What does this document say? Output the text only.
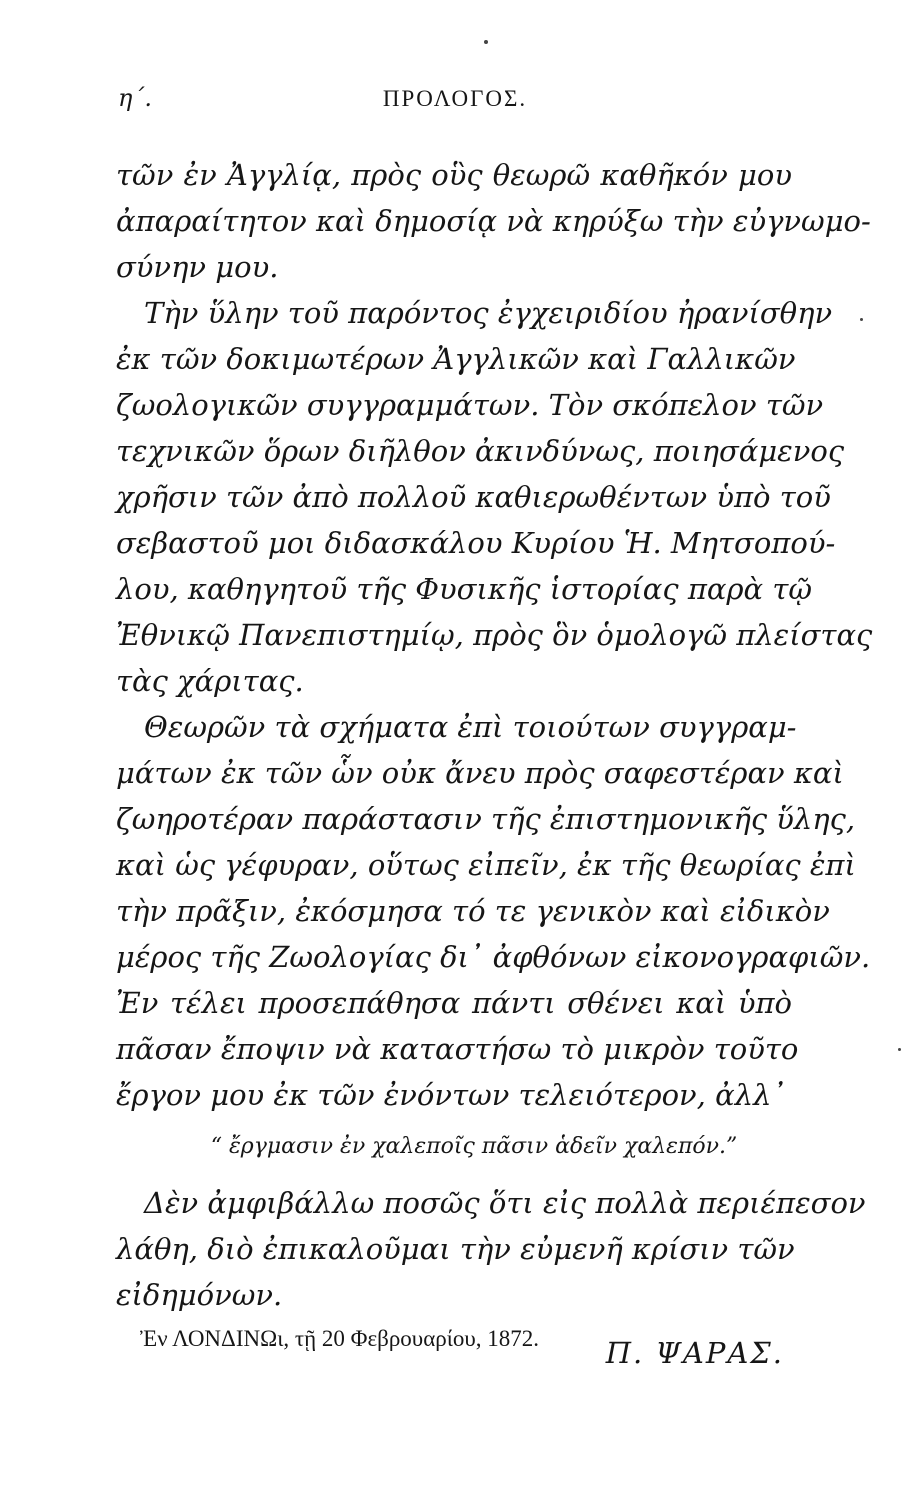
η΄.	ΠΡΟΛΟΓΟΣ.
τῶν ἐν Ἀγγλίᾳ, πρὸς οὓς θεωρῶ καθῆκόν μου
ἀπαραίτητον καὶ δημοσίᾳ νὰ κηρύξω τὴν εὐγνωμο-
σύνην μου.
Τὴν ὕλην τοῦ παρόντος ἐγχειριδίου ἠρανίσθην
ἐκ τῶν δοκιμωτέρων Ἀγγλικῶν καὶ Γαλλικῶν
ζωολογικῶν συγγραμμάτων. Τὸν σκόπελον τῶν
τεχνικῶν ὅρων διῆλθον ἀκινδύνως, ποιησάμενος
χρῆσιν τῶν ἀπὸ πολλοῦ καθιερωθέντων ὑπὸ τοῦ
σεβαστοῦ μοι διδασκάλου Κυρίου Ἡ. Μητσοπού-
λου, καθηγητοῦ τῆς Φυσικῆς ἱστορίας παρὰ τῷ
Ἐθνικῷ Πανεπιστημίῳ, πρὸς ὃν ὁμολογῶ πλείστας
τὰς χάριτας.
Θεωρῶν τὰ σχήματα ἐπὶ τοιούτων συγγραμ-
μάτων ἐκ τῶν ὧν οὐκ ἄνευ πρὸς σαφεστέραν καὶ
ζωηροτέραν παράστασιν τῆς ἐπιστημονικῆς ὕλης,
καὶ ὡς γέφυραν, οὕτως εἰπεῖν, ἐκ τῆς θεωρίας ἐπὶ
τὴν πρᾶξιν, ἐκόσμησα τό τε γενικὸν καὶ εἰδικὸν
μέρος τῆς Ζωολογίας δι᾽ ἀφθόνων εἰκονογραφιῶν.
Ἐν τέλει προσεπάθησα πάντι σθένει καὶ ὑπὸ
πᾶσαν ἔποψιν νὰ καταστήσω τὸ μικρὸν τοῦτο
ἔργον μου ἐκ τῶν ἐνόντων τελειότερον, ἀλλ᾽
“ ἔργμασιν ἐν χαλεποῖς πᾶσιν ἁδεῖν χαλεπόν.”
Δὲν ἀμφιβάλλω ποσῶς ὅτι εἰς πολλὰ περιέπεσον
λάθη, διὸ ἐπικαλοῦμαι τὴν εὐμενῆ κρίσιν τῶν
εἰδημόνων.
Π. ΨΑΡΑΣ.
Ἐν ΛΟΝΔΙΝΩι, τῇ 20 Φεβρουαρίου, 1872.
